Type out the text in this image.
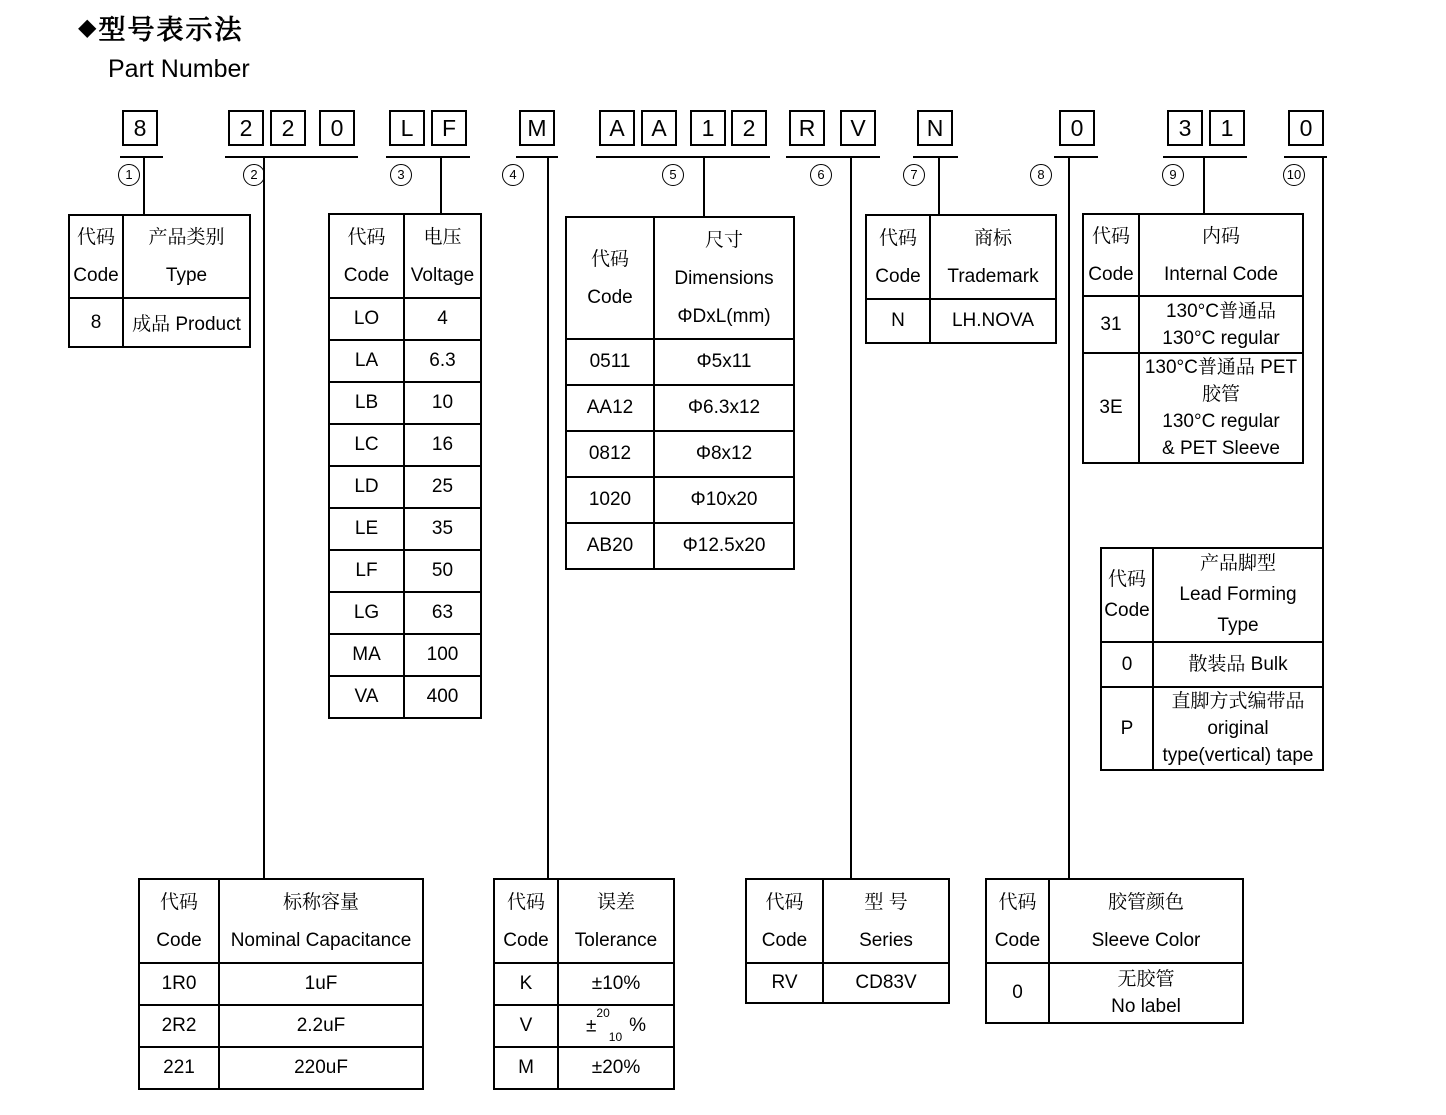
◆ 型号表示法
Part Number
8	2	2	0	L	F	M	A	A	1	2	R	V	N	0	3	1	0
1	2	3	4	5	6	7	8	9	10
代码
Code

产品类别
Type

8	成品 Product
代码
Code

电压
Voltage

LO	4
LA	6.3
LB	10
LC	16
LD	25
LE	35
LF	50
LG	63
MA	100
VA	400
代码
Code

尺寸
Dimensions
ΦDxL(mm)

0511	Φ5x11
AA12	Φ6.3x12
0812	Φ8x12
1020	Φ10x20
AB20	Φ12.5x20
代码
Code

商标
Trademark

N	LH.NOVA
代码
Code

内码
Internal Code

31	130°C普通品
130°C regular

3E	130°C普通品 PET
胶管
130°C regular
& PET Sleeve
代码
Code

产品脚型
Lead Forming
Type

0	散装品 Bulk

P	直脚方式编带品
original
type(vertical) tape
代码
Code

标称容量
Nominal Capacitance

1R0	1uF
2R2	2.2uF
221	220uF
代码
Code

误差
Tolerance

K	±10%
V	±$^{20}_{10}$%
M	±20%
代码
Code

型 号
Series

RV	CD83V
代码
Code

胶管颜色
Sleeve Color

0	无胶管
No label
